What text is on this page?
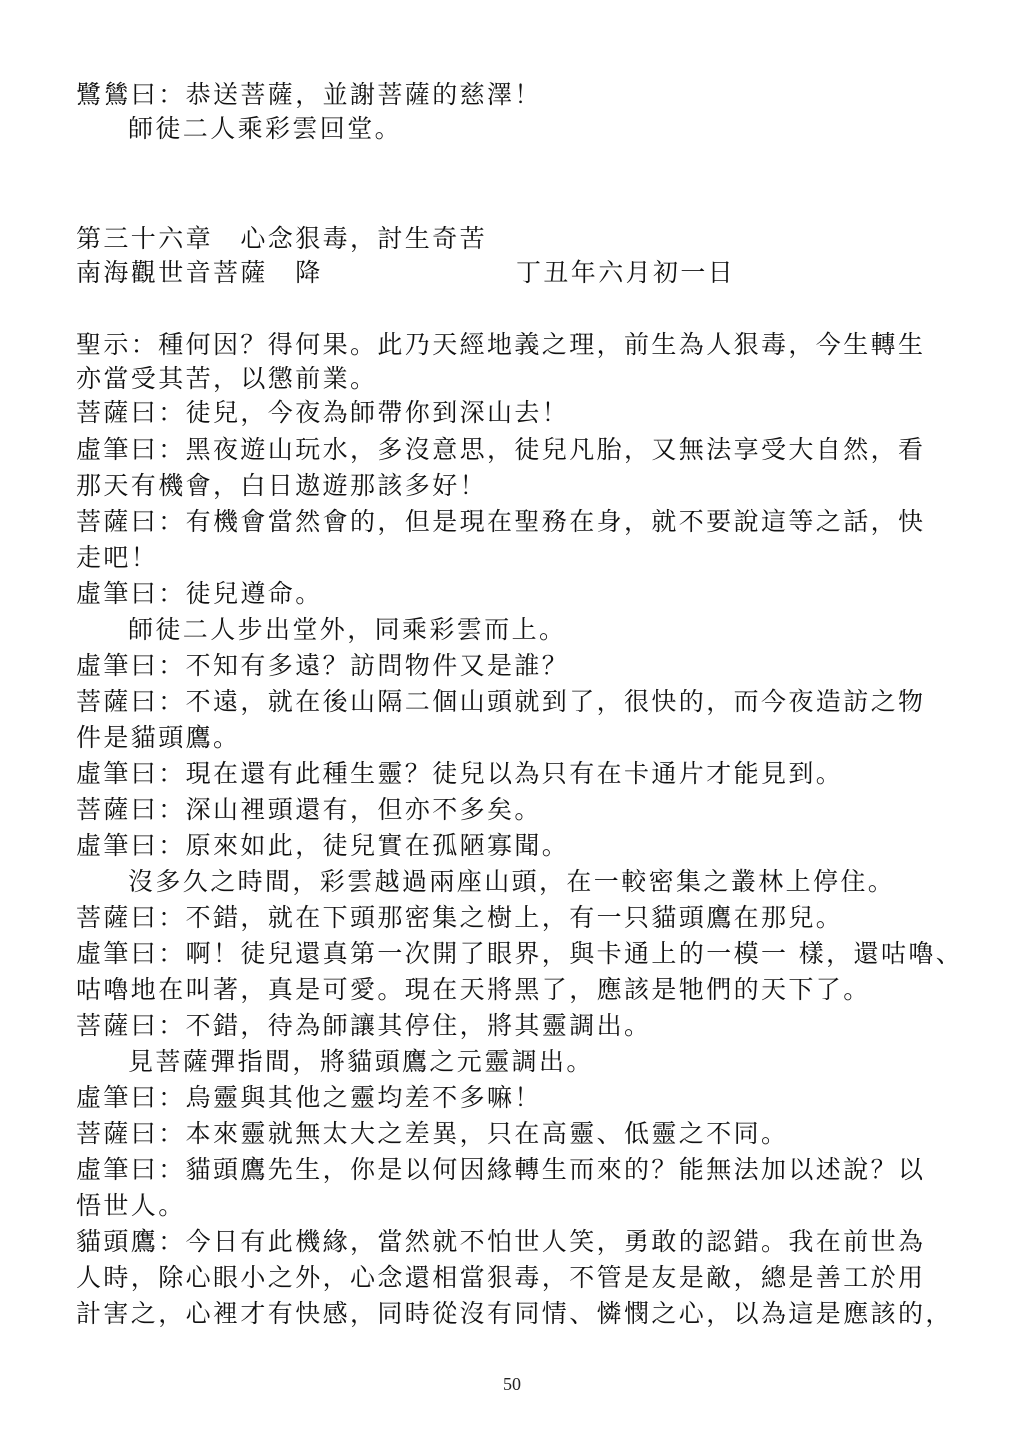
鷺鷥曰：恭送菩薩，並謝菩薩的慈澤！
師徒二人乘彩雲回堂。
第三十六章　心念狠毒，討生奇苦
南海觀世音菩薩　降	丁丑年六月初一日
聖示：種何因？得何果。此乃天經地義之理，前生為人狠毒，今生轉生
亦當受其苦，以懲前業。
菩薩曰：徒兒，今夜為師帶你到深山去！
虛筆曰：黑夜遊山玩水，多沒意思，徒兒凡胎，又無法享受大自然，看
那天有機會，白日遨遊那該多好！
菩薩曰：有機會當然會的，但是現在聖務在身，就不要說這等之話，快
走吧！
虛筆曰：徒兒遵命。
師徒二人步出堂外，同乘彩雲而上。
虛筆曰：不知有多遠？訪問物件又是誰？
菩薩曰：不遠，就在後山隔二個山頭就到了，很快的，而今夜造訪之物
件是貓頭鷹。
虛筆曰：現在還有此種生靈？徒兒以為只有在卡通片才能見到。
菩薩曰：深山裡頭還有，但亦不多矣。
虛筆曰：原來如此，徒兒實在孤陋寡聞。
沒多久之時間，彩雲越過兩座山頭，在一較密集之叢林上停住。
菩薩曰：不錯，就在下頭那密集之樹上，有一只貓頭鷹在那兒。
虛筆曰：啊！徒兒還真第一次開了眼界，與卡通上的一模一 樣，還咕嚕、
咕嚕地在叫著，真是可愛。現在天將黑了，應該是牠們的天下了。
菩薩曰：不錯，待為師讓其停住，將其靈調出。
見菩薩彈指間，將貓頭鷹之元靈調出。
虛筆曰：烏靈與其他之靈均差不多嘛！
菩薩曰：本來靈就無太大之差異，只在高靈、低靈之不同。
虛筆曰：貓頭鷹先生，你是以何因緣轉生而來的？能無法加以述說？以
悟世人。
貓頭鷹：今日有此機緣，當然就不怕世人笑，勇敢的認錯。我在前世為
人時，除心眼小之外，心念還相當狠毒，不管是友是敵，總是善工於用
計害之，心裡才有快感，同時從沒有同情、憐憫之心，以為這是應該的，
50
